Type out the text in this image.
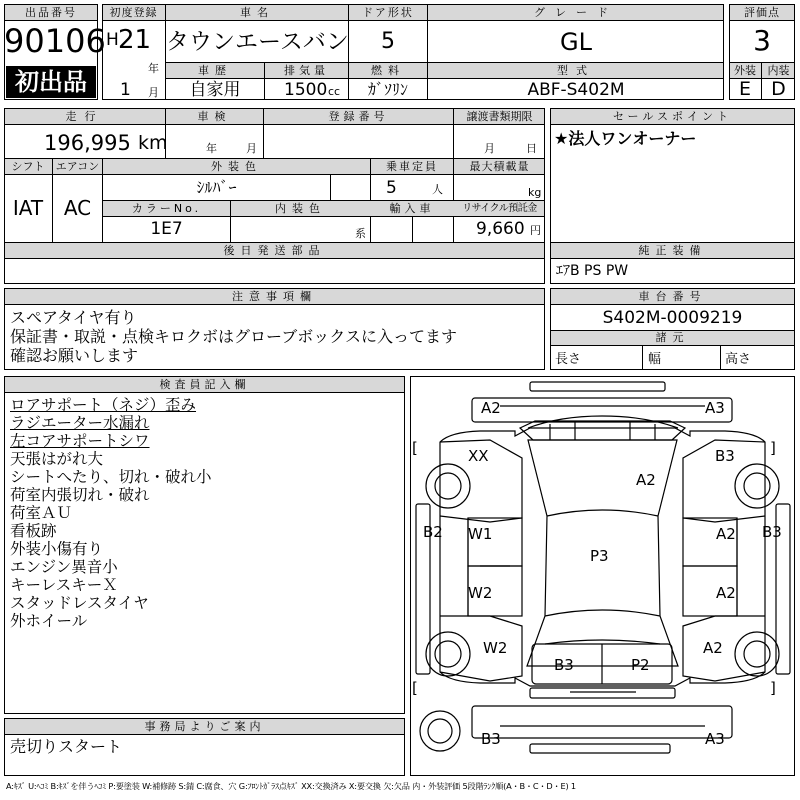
出品番号
90106
初出品
初度登録
H 21
年
1 月
車名
タウンエースバン
ドア形状
5
グレード
GL
車歴
自家用
排気量
1500 cc
燃料
ｶﾞｿﾘﾝ
型式
ABF-S402M
評価点
3
外装	内装
E	D
走行
196,995 km
車検
年	月
登録番号	譲渡書類期限
月	日
シフト
IAT
エアコン
AC
外装色
ｼﾙﾊﾞｰ
乗車定員
5	人
最大積載量
kg
カラーNo.
1E7
内装色
系
輸入車	リサイクル預託金
9,660 円
後日発送部品
セールスポイント
★法人ワンオーナー
純正装備
ｴｱB PS PW
注意事項欄
スペアタイヤ有り
保証書・取説・点検キロクボはグローブボックスに入ってます
確認お願いします
車台番号
S402M-0009219
諸元
長さ	幅	高さ
検査員記入欄
ロアサポート（ネジ）歪み
ラジエーター水漏れ
左コアサポートシワ
天張はがれ大
シートへたり、切れ・破れ小
荷室内張切れ・破れ
荷室ＡＵ
看板跡
外装小傷有り
エンジン異音小
キーレスキーＸ
スタッドレスタイヤ
外ホイール
事務局よりご案内
売切りスタート
A2	A3
XX
A2
B3
B2	B3
W1	A2
P3
W2	A2
W2	A2
B3	P2
B3	A3
[	]
[	]
A:ｷｽﾞ U:ﾍｺﾐ B:ｷｽﾞを伴うﾍｺﾐ P:要塗装 W:補修跡 S:錆 C:腐食、穴 G:ﾌﾛﾝﾄｶﾞﾗｽ点ｷｽﾞ XX:交換済み X:要交換 欠:欠品 内・外装評価 5段階ﾗﾝｸ順(A・B・C・D・E) 1
